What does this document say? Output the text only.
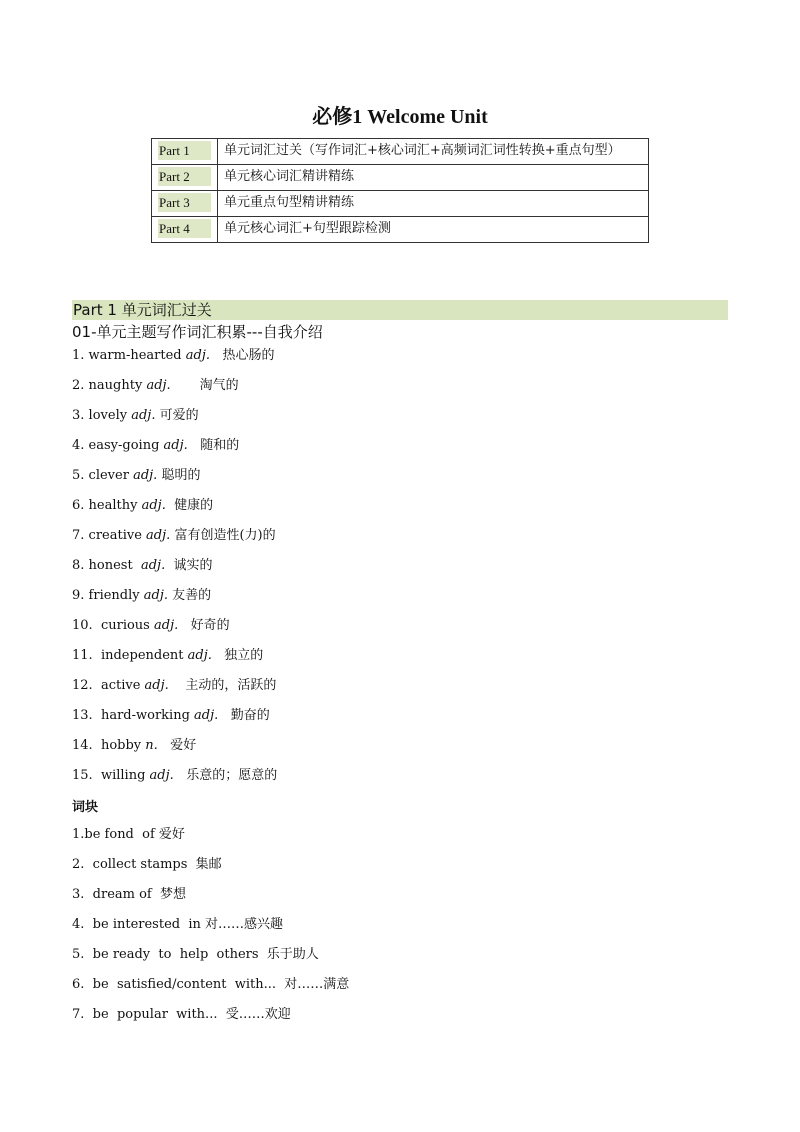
必修1 Welcome Unit
Part 1	单元词汇过关（写作词汇+核心词汇+高频词汇词性转换+重点句型）
Part 2	单元核心词汇精讲精练
Part 3	单元重点句型精讲精练
Part 4	单元核心词汇+句型跟踪检测
Part 1 单元词汇过关
01-单元主题写作词汇积累---自我介绍
1. warm-hearted adj. 热心肠的
2. naughty adj. 淘气的
3. lovely adj. 可爱的
4. easy-going adj. 随和的
5. clever adj. 聪明的
6. healthy adj. 健康的
7. creative adj. 富有创造性(力)的
8. honest adj. 诚实的
9. friendly adj. 友善的
10. curious adj. 好奇的
11. independent adj. 独立的
12. active adj. 主动的，活跃的
13. hard-working adj. 勤奋的
14. hobby n. 爱好
15. willing adj. 乐意的；愿意的
词块
1.be fond  of 爱好
2.  collect stamps  集邮
3.  dream of  梦想
4.  be interested  in 对……感兴趣
5.  be ready  to  help  others  乐于助人
6.  be  satisfied/content  with...  对……满意
7.  be  popular  with...  受……欢迎
